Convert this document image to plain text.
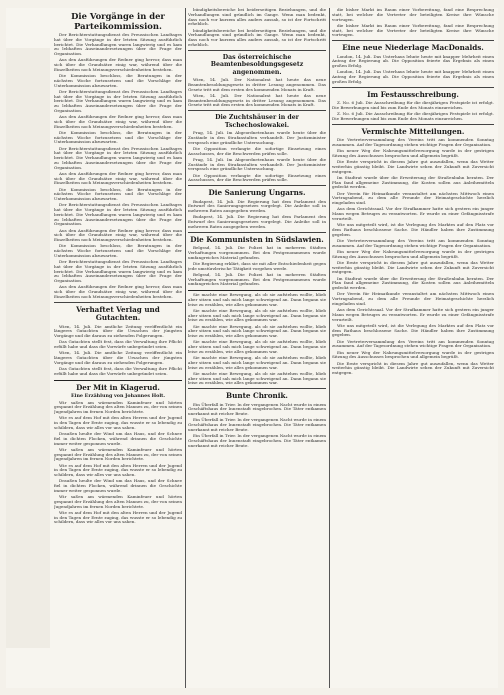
Die Vorgänge in der Parteikommission.
Der Berichterstattungsdienst des Preussischen Landtages hat über die Vorgänge in der letzten Sitzung ausführlich berichtet. Die Verhandlungen waren langwierig und es kam zu lebhaften Auseinandersetzungen über die Frage der Organisation.
Aus den Ausführungen der Redner ging hervor, dass man sich über die Grundsätze einig war, während über die Einzelheiten noch Meinungsverschiedenheiten bestehen.
Die Kommission beschloss, die Beratungen in der nächsten Woche fortzusetzen und die Vorschläge der Unterkommission abzuwarten.
Der Berichterstattungsdienst des Preussischen Landtages hat über die Vorgänge in der letzten Sitzung ausführlich berichtet. Die Verhandlungen waren langwierig und es kam zu lebhaften Auseinandersetzungen über die Frage der Organisation.
Aus den Ausführungen der Redner ging hervor, dass man sich über die Grundsätze einig war, während über die Einzelheiten noch Meinungsverschiedenheiten bestehen.
Die Kommission beschloss, die Beratungen in der nächsten Woche fortzusetzen und die Vorschläge der Unterkommission abzuwarten.
Der Berichterstattungsdienst des Preussischen Landtages hat über die Vorgänge in der letzten Sitzung ausführlich berichtet. Die Verhandlungen waren langwierig und es kam zu lebhaften Auseinandersetzungen über die Frage der Organisation.
Aus den Ausführungen der Redner ging hervor, dass man sich über die Grundsätze einig war, während über die Einzelheiten noch Meinungsverschiedenheiten bestehen.
Die Kommission beschloss, die Beratungen in der nächsten Woche fortzusetzen und die Vorschläge der Unterkommission abzuwarten.
Der Berichterstattungsdienst des Preussischen Landtages hat über die Vorgänge in der letzten Sitzung ausführlich berichtet. Die Verhandlungen waren langwierig und es kam zu lebhaften Auseinandersetzungen über die Frage der Organisation.
Aus den Ausführungen der Redner ging hervor, dass man sich über die Grundsätze einig war, während über die Einzelheiten noch Meinungsverschiedenheiten bestehen.
Die Kommission beschloss, die Beratungen in der nächsten Woche fortzusetzen und die Vorschläge der Unterkommission abzuwarten.
Der Berichterstattungsdienst des Preussischen Landtages hat über die Vorgänge in der letzten Sitzung ausführlich berichtet. Die Verhandlungen waren langwierig und es kam zu lebhaften Auseinandersetzungen über die Frage der Organisation.
Aus den Ausführungen der Redner ging hervor, dass man sich über die Grundsätze einig war, während über die Einzelheiten noch Meinungsverschiedenheiten bestehen.
Verhaftet Verlag und Gutachten.
Wien, 14. Juli. Die amtliche Zeitung veröffentlicht ein längeres Gutachten über die Ursachen der jüngsten Vorgänge und die daraus zu ziehenden Folgerungen.
Das Gutachten stellt fest, dass die Verwaltung ihre Pflicht erfüllt habe und dass die Vorwürfe unbegründet seien.
Wien, 14. Juli. Die amtliche Zeitung veröffentlicht ein längeres Gutachten über die Ursachen der jüngsten Vorgänge und die daraus zu ziehenden Folgerungen.
Das Gutachten stellt fest, dass die Verwaltung ihre Pflicht erfüllt habe und dass die Vorwürfe unbegründet seien.
Der Mit in Klagerud.
Eine Erzählung von Johannes Holt.
Wir saßen am wärmenden Kaminfeuer und hörten gespannt der Erzählung des alten Mannes zu, der von seinen Jugendjahren im fernen Norden berichtete.
Wie es auf dem Hof mit den alten Herren und der Jugend in den Tagen der Ernte zuging, das wusste er so lebendig zu schildern, dass wir alles vor uns sahen.
Draußen heulte der Wind um das Haus, und der Schnee fiel in dichten Flocken, während drinnen die Geschichte immer weiter gesponnen wurde.
Wir saßen am wärmenden Kaminfeuer und hörten gespannt der Erzählung des alten Mannes zu, der von seinen Jugendjahren im fernen Norden berichtete.
Wie es auf dem Hof mit den alten Herren und der Jugend in den Tagen der Ernte zuging, das wusste er so lebendig zu schildern, dass wir alles vor uns sahen.
Draußen heulte der Wind um das Haus, und der Schnee fiel in dichten Flocken, während drinnen die Geschichte immer weiter gesponnen wurde.
Wir saßen am wärmenden Kaminfeuer und hörten gespannt der Erzählung des alten Mannes zu, der von seinen Jugendjahren im fernen Norden berichtete.
Wie es auf dem Hof mit den alten Herren und der Jugend in den Tagen der Ernte zuging, das wusste er so lebendig zu schildern, dass wir alles vor uns sahen.
bündigkeitsbereiche bei beiderseitigen Beziehungen, und die Verhandlungen sind gründlich im Gange. Wenn man bedenkt, dass noch vor kurzem alles anders aussah, so ist der Fortschritt erheblich.
bündigkeitsbereiche bei beiderseitigen Beziehungen, und die Verhandlungen sind gründlich im Gange. Wenn man bedenkt, dass noch vor kurzem alles anders aussah, so ist der Fortschritt erheblich.
Das österreichische Beamtenbesoldungsgesetz angenommen.
Wien, 14. Juli. Der Nationalrat hat heute das neue Beamtenbesoldungsgesetz in dritter Lesung angenommen. Das Gesetz tritt mit dem ersten des kommenden Monats in Kraft.
Wien, 14. Juli. Der Nationalrat hat heute das neue Beamtenbesoldungsgesetz in dritter Lesung angenommen. Das Gesetz tritt mit dem ersten des kommenden Monats in Kraft.
Die Zuchtshäuser in der Tschechoslowakei.
Prag, 14. Juli. Im Abgeordnetenhaus wurde heute über die Zustände in den Strafanstalten verhandelt. Der Justizminister versprach eine gründliche Untersuchung.
Die Opposition verlangte die sofortige Einsetzung eines Ausschusses, der die Beschwerden prüfen solle.
Prag, 14. Juli. Im Abgeordnetenhaus wurde heute über die Zustände in den Strafanstalten verhandelt. Der Justizminister versprach eine gründliche Untersuchung.
Die Opposition verlangte die sofortige Einsetzung eines Ausschusses, der die Beschwerden prüfen solle.
Die Sanierung Ungarns.
Budapest, 14. Juli. Die Regierung hat dem Parlament den Entwurf des Sanierungsgesetzes vorgelegt. Die Anleihe soll in mehreren Raten ausgegeben werden.
Budapest, 14. Juli. Die Regierung hat dem Parlament den Entwurf des Sanierungsgesetzes vorgelegt. Die Anleihe soll in mehreren Raten ausgegeben werden.
Die Kommunisten in Südslawien.
Belgrad, 14. Juli. Die Polizei hat in mehreren Städten Verhaftungen vorgenommen. Bei den Festgenommenen wurde umfangreiches Material gefunden.
Die Regierung erklärt, dass sie mit aller Entschiedenheit gegen jede umstürzlerische Tätigkeit vorgehen werde.
Belgrad, 14. Juli. Die Polizei hat in mehreren Städten Verhaftungen vorgenommen. Bei den Festgenommenen wurde umfangreiches Material gefunden.
Sie machte eine Bewegung, als ob sie aufstehen wollte, blieb aber sitzen und sah mich lange schweigend an. Dann begann sie leise zu erzählen, wie alles gekommen war.
Sie machte eine Bewegung, als ob sie aufstehen wollte, blieb aber sitzen und sah mich lange schweigend an. Dann begann sie leise zu erzählen, wie alles gekommen war.
Sie machte eine Bewegung, als ob sie aufstehen wollte, blieb aber sitzen und sah mich lange schweigend an. Dann begann sie leise zu erzählen, wie alles gekommen war.
Sie machte eine Bewegung, als ob sie aufstehen wollte, blieb aber sitzen und sah mich lange schweigend an. Dann begann sie leise zu erzählen, wie alles gekommen war.
Sie machte eine Bewegung, als ob sie aufstehen wollte, blieb aber sitzen und sah mich lange schweigend an. Dann begann sie leise zu erzählen, wie alles gekommen war.
Sie machte eine Bewegung, als ob sie aufstehen wollte, blieb aber sitzen und sah mich lange schweigend an. Dann begann sie leise zu erzählen, wie alles gekommen war.
Bunte Chronik.
Ein Überfall in Trier. In der vergangenen Nacht wurde in einem Geschäftshaus der Innenstadt eingebrochen. Die Täter entkamen unerkannt mit reicher Beute.
Ein Überfall in Trier. In der vergangenen Nacht wurde in einem Geschäftshaus der Innenstadt eingebrochen. Die Täter entkamen unerkannt mit reicher Beute.
Ein Überfall in Trier. In der vergangenen Nacht wurde in einem Geschäftshaus der Innenstadt eingebrochen. Die Täter entkamen unerkannt mit reicher Beute.
die bisher Markt im Raum einer Vorbereitung, fand eine Besprechung statt, bei welcher die Vertreter der beteiligten Kreise ihre Wünsche vortrugen.
die bisher Markt im Raum einer Vorbereitung, fand eine Besprechung statt, bei welcher die Vertreter der beteiligten Kreise ihre Wünsche vortrugen.
Eine neue Niederlage MacDonalds.
London, 14. Juli. Das Unterhaus lehnte heute mit knapper Mehrheit einen Antrag der Regierung ab. Die Opposition feierte das Ergebnis als einen großen Erfolg.
London, 14. Juli. Das Unterhaus lehnte heute mit knapper Mehrheit einen Antrag der Regierung ab. Die Opposition feierte das Ergebnis als einen großen Erfolg.
Im Festausschreibung.
Z. No. 6 Juli. Die Ausschreibung für die diesjährigen Festspiele ist erfolgt. Die Bewerbungen sind bis zum Ende des Monats einzureichen.
Z. No. 6 Juli. Die Ausschreibung für die diesjährigen Festspiele ist erfolgt. Die Bewerbungen sind bis zum Ende des Monats einzureichen.
Vermischte Mitteilungen.
Die Vertreterversammlung des Vereins tritt am kommenden Sonntag zusammen. Auf der Tagesordnung stehen wichtige Fragen der Organisation.
Ein neuer Weg der Nahrungsmittelversorgung wurde in der gestrigen Sitzung des Ausschusses besprochen und allgemein begrüßt.
Die Ernte verspricht in diesem Jahre gut auszufallen, wenn das Wetter weiterhin günstig bleibt. Die Landwirte sehen der Zukunft mit Zuversicht entgegen.
Im Stadtrat wurde über die Erweiterung der Straßenbahn beraten. Der Plan fand allgemeine Zustimmung, die Kosten sollen aus Anleihemitteln gedeckt werden.
Der Verein für Heimatkunde veranstaltet am nächsten Mittwoch einen Vortragsabend, zu dem alle Freunde der Heimatgeschichte herzlich eingeladen sind.
Aus dem Gerichtssaal. Vor der Strafkammer hatte sich gestern ein junger Mann wegen Betruges zu verantworten. Er wurde zu einer Gefängnisstrafe verurteilt.
Wie uns mitgeteilt wird, ist die Verlegung des Marktes auf den Platz vor dem Rathaus beschlossene Sache. Die Händler haben ihre Zustimmung gegeben.
Die Vertreterversammlung des Vereins tritt am kommenden Sonntag zusammen. Auf der Tagesordnung stehen wichtige Fragen der Organisation.
Ein neuer Weg der Nahrungsmittelversorgung wurde in der gestrigen Sitzung des Ausschusses besprochen und allgemein begrüßt.
Die Ernte verspricht in diesem Jahre gut auszufallen, wenn das Wetter weiterhin günstig bleibt. Die Landwirte sehen der Zukunft mit Zuversicht entgegen.
Im Stadtrat wurde über die Erweiterung der Straßenbahn beraten. Der Plan fand allgemeine Zustimmung, die Kosten sollen aus Anleihemitteln gedeckt werden.
Der Verein für Heimatkunde veranstaltet am nächsten Mittwoch einen Vortragsabend, zu dem alle Freunde der Heimatgeschichte herzlich eingeladen sind.
Aus dem Gerichtssaal. Vor der Strafkammer hatte sich gestern ein junger Mann wegen Betruges zu verantworten. Er wurde zu einer Gefängnisstrafe verurteilt.
Wie uns mitgeteilt wird, ist die Verlegung des Marktes auf den Platz vor dem Rathaus beschlossene Sache. Die Händler haben ihre Zustimmung gegeben.
Die Vertreterversammlung des Vereins tritt am kommenden Sonntag zusammen. Auf der Tagesordnung stehen wichtige Fragen der Organisation.
Ein neuer Weg der Nahrungsmittelversorgung wurde in der gestrigen Sitzung des Ausschusses besprochen und allgemein begrüßt.
Die Ernte verspricht in diesem Jahre gut auszufallen, wenn das Wetter weiterhin günstig bleibt. Die Landwirte sehen der Zukunft mit Zuversicht entgegen.
